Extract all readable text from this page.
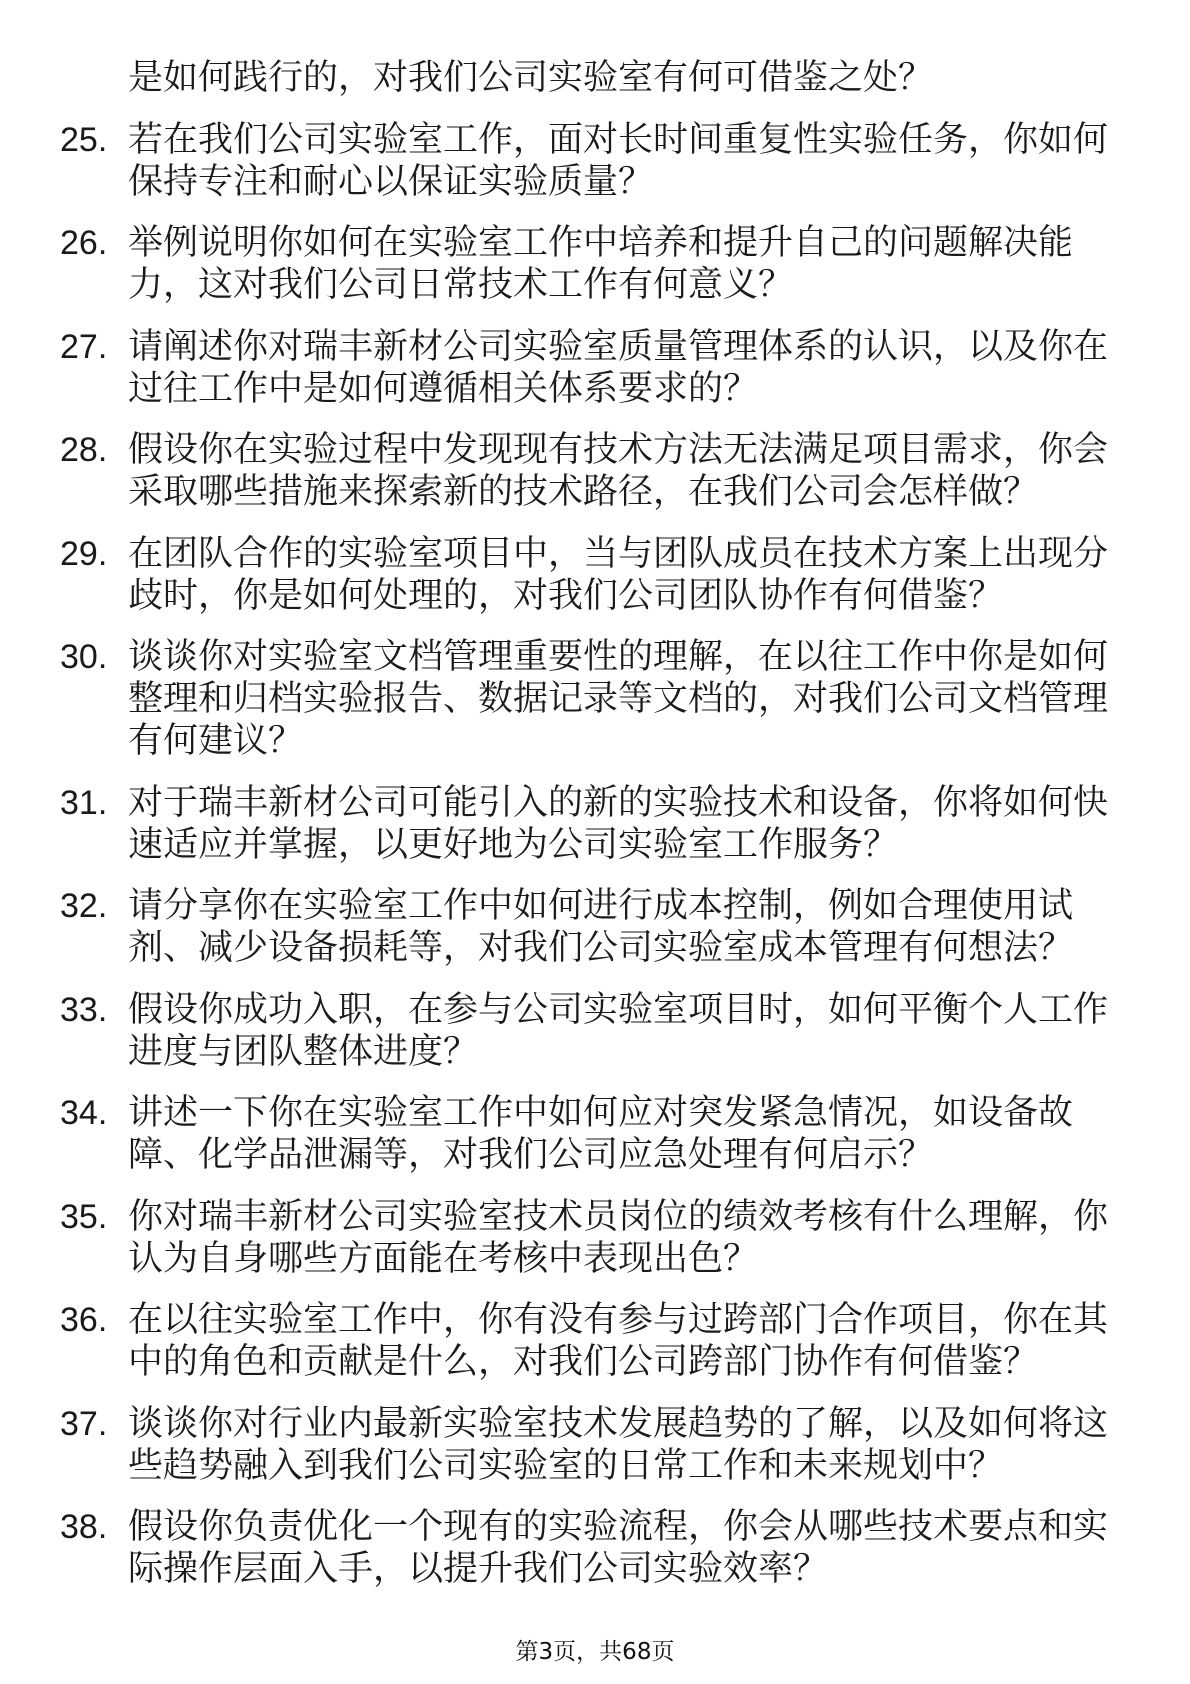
是如何践行的，对我们公司实验室有何可借鉴之处？
25. 若在我们公司实验室工作，面对长时间重复性实验任务，你如何
保持专注和耐心以保证实验质量？
26. 举例说明你如何在实验室工作中培养和提升自己的问题解决能
力，这对我们公司日常技术工作有何意义？
27. 请阐述你对瑞丰新材公司实验室质量管理体系的认识，以及你在
过往工作中是如何遵循相关体系要求的？
28. 假设你在实验过程中发现现有技术方法无法满足项目需求，你会
采取哪些措施来探索新的技术路径，在我们公司会怎样做？
29. 在团队合作的实验室项目中，当与团队成员在技术方案上出现分
歧时，你是如何处理的，对我们公司团队协作有何借鉴？
30. 谈谈你对实验室文档管理重要性的理解，在以往工作中你是如何
整理和归档实验报告、数据记录等文档的，对我们公司文档管理
有何建议？
31. 对于瑞丰新材公司可能引入的新的实验技术和设备，你将如何快
速适应并掌握，以更好地为公司实验室工作服务？
32. 请分享你在实验室工作中如何进行成本控制，例如合理使用试
剂、减少设备损耗等，对我们公司实验室成本管理有何想法？
33. 假设你成功入职，在参与公司实验室项目时，如何平衡个人工作
进度与团队整体进度？
34. 讲述一下你在实验室工作中如何应对突发紧急情况，如设备故
障、化学品泄漏等，对我们公司应急处理有何启示？
35. 你对瑞丰新材公司实验室技术员岗位的绩效考核有什么理解，你
认为自身哪些方面能在考核中表现出色？
36. 在以往实验室工作中，你有没有参与过跨部门合作项目，你在其
中的角色和贡献是什么，对我们公司跨部门协作有何借鉴？
37. 谈谈你对行业内最新实验室技术发展趋势的了解，以及如何将这
些趋势融入到我们公司实验室的日常工作和未来规划中？
38. 假设你负责优化一个现有的实验流程，你会从哪些技术要点和实
际操作层面入手，以提升我们公司实验效率？
第3页，共68页
